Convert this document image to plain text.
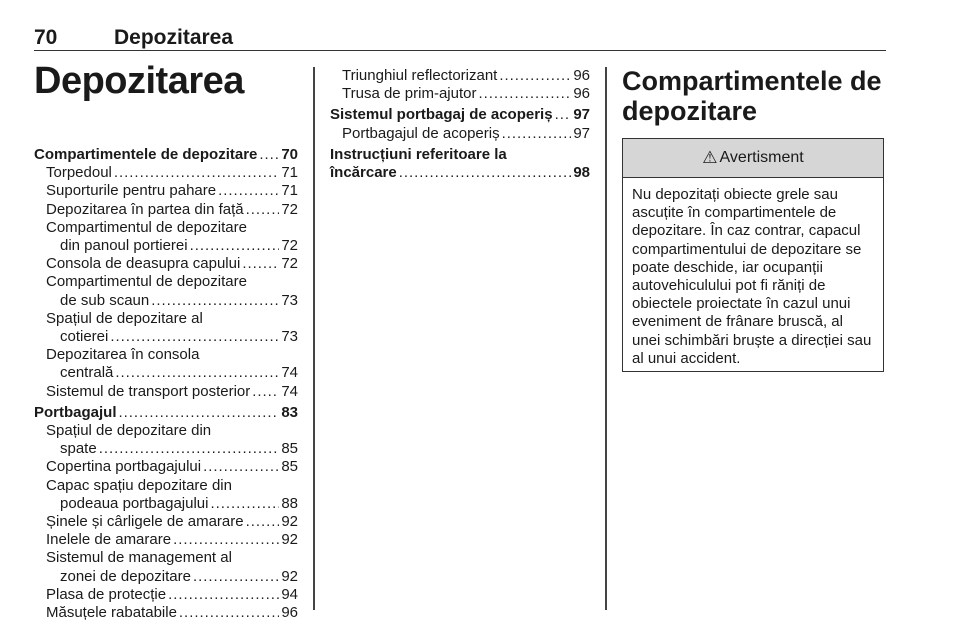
70	Depozitarea
Depozitarea
Compartimentele de depozitare . . . 70
Torpedoul . . .	71
Suporturile pentru pahare . . .	71
Depozitarea în partea din față . . .	72
Compartimentul de depozitare
din panoul portierei . . .	72
Consola de deasupra capului . . .	72
Compartimentul de depozitare
de sub scaun . . .	73
Spațiul de depozitare al
cotierei . . .	73
Depozitarea în consola
centrală . . .	74
Sistemul de transport posterior . . . 74
Portbagajul . . .	83
Spațiul de depozitare din
spate . . .	85
Copertina portbagajului . . .	85
Capac spațiu depozitare din
podeaua portbagajului . . .	88
Șinele și cârligele de amarare . . .	92
Inelele de amarare . . .	92
Sistemul de management al
zonei de depozitare . . .	92
Plasa de protecție . . .	94
Măsuțele rabatabile . . .	96
Triunghiul reflectorizant . . .	96
Trusa de prim-ajutor . . .	96
Sistemul portbagaj de acoperiș . . . 97
Portbagajul de acoperiș . . .	97
Instrucțiuni referitoare la
încărcare . . .	98
Compartimentele de depozitare
⚠ Avertisment
Nu depozitați obiecte grele sau ascuțite în compartimentele de depozitare. În caz contrar, capacul compartimentului de depozitare se poate deschide, iar ocupanții autovehiculului pot fi răniți de obiectele proiectate în cazul unui eveniment de frânare bruscă, al unei schimbări bruște a direcției sau al unui accident.
